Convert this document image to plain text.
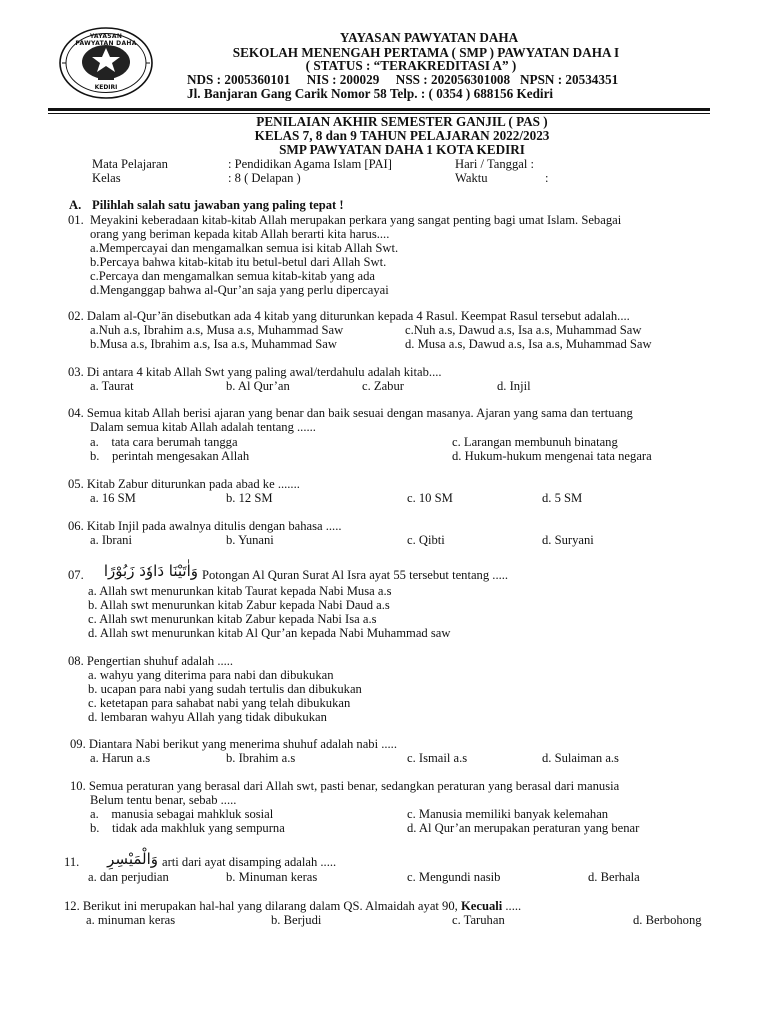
YAYASAN PAWYATAN DAHA
KEDIRI
YAYASAN PAWYATAN DAHA
SEKOLAH MENENGAH PERTAMA ( SMP ) PAWYATAN DAHA I
( STATUS : “TERAKREDITASI A” )
NDS : 2005360101     NIS : 200029     NSS : 202056301008   NPSN : 20534351
Jl. Banjaran Gang Carik Nomor 58 Telp. : ( 0354 ) 688156 Kediri
PENILAIAN AKHIR SEMESTER GANJIL ( PAS )
KELAS 7, 8 dan 9 TAHUN PELAJARAN 2022/2023
SMP PAWYATAN DAHA 1 KOTA KEDIRI
Mata Pelajaran	: Pendidikan Agama Islam [PAI]	Hari / Tanggal :
Kelas	: 8 ( Delapan )	Waktu	:
A. Pilihlah salah satu jawaban yang paling tepat !
01. Meyakini keberadaan kitab-kitab Allah merupakan perkara yang sangat penting bagi umat Islam. Sebagai
orang yang beriman kepada kitab Allah berarti kita harus....
a.Mempercayai dan mengamalkan semua isi kitab Allah Swt.
b.Percaya bahwa kitab-kitab itu betul-betul dari Allah Swt.
c.Percaya dan mengamalkan semua kitab-kitab yang ada
d.Menganggap bahwa al-Qur’an saja yang perlu dipercayai
02. Dalam al-Qur’ān disebutkan ada 4 kitab yang diturunkan kepada 4 Rasul. Keempat Rasul tersebut adalah....
a.Nuh a.s, Ibrahim a.s, Musa a.s, Muhammad Saw	c.Nuh a.s, Dawud a.s, Isa a.s, Muhammad Saw
b.Musa a.s, Ibrahim a.s, Isa a.s, Muhammad Saw	d. Musa a.s, Dawud a.s, Isa a.s, Muhammad Saw
03. Di antara 4 kitab Allah Swt yang paling awal/terdahulu adalah kitab....
a. Taurat	b. Al Qur’an	c. Zabur	d. Injil
04. Semua kitab Allah berisi ajaran yang benar dan baik sesuai dengan masanya. Ajaran yang sama dan tertuang
Dalam semua kitab Allah adalah tentang ......
a.    tata cara berumah tangga	c. Larangan membunuh binatang
b.    perintah mengesakan Allah	d. Hukum-hukum mengenai tata negara
05. Kitab Zabur diturunkan pada abad ke .......
a. 16 SM	b. 12 SM	c. 10 SM	d. 5 SM
06. Kitab Injil pada awalnya ditulis dengan bahasa .....
a. Ibrani	b. Yunani	c. Qibti	d. Suryani
07.	وَاٰتَيْنَا دَاوٗدَ زَبُوْرًا Potongan Al Quran Surat Al Isra ayat 55 tersebut tentang .....
a. Allah swt menurunkan kitab Taurat kepada Nabi Musa a.s
b. Allah swt menurunkan kitab Zabur kepada Nabi Daud a.s
c. Allah swt menurunkan kitab Zabur kepada Nabi Isa a.s
d. Allah swt menurunkan kitab Al Qur’an kepada Nabi Muhammad saw
08. Pengertian shuhuf adalah .....
a. wahyu yang diterima para nabi dan dibukukan
b. ucapan para nabi yang sudah tertulis dan dibukukan
c. ketetapan para sahabat nabi yang telah dibukukan
d. lembaran wahyu Allah yang tidak dibukukan
09. Diantara Nabi berikut yang menerima shuhuf adalah nabi .....
a. Harun a.s	b. Ibrahim a.s	c. Ismail a.s	d. Sulaiman a.s
10. Semua peraturan yang berasal dari Allah swt, pasti benar, sedangkan peraturan yang berasal dari manusia
Belum tentu benar, sebab .....
a.    manusia sebagai mahkluk sosial	c. Manusia memiliki banyak kelemahan
b.    tidak ada makhluk yang sempurna	d. Al Qur’an merupakan peraturan yang benar
11.	وَالْمَيْسِرِ arti dari ayat disamping adalah .....
a. dan perjudian	b. Minuman keras	c. Mengundi nasib	d. Berhala
12. Berikut ini merupakan hal-hal yang dilarang dalam QS. Almaidah ayat 90, Kecuali .....
a. minuman keras	b. Berjudi	c. Taruhan	d. Berbohong
